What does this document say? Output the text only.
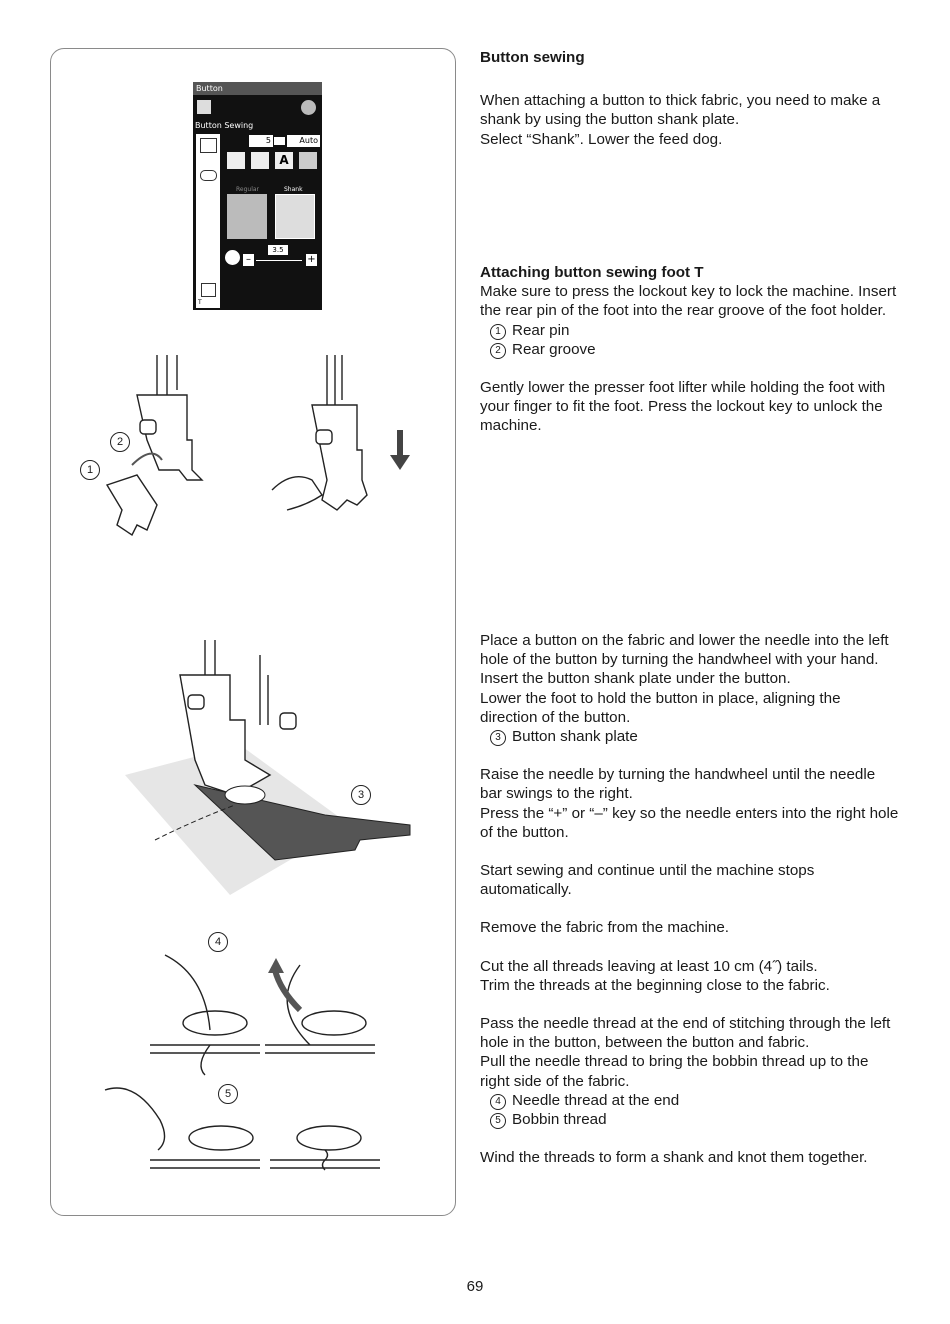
Button
Button Sewing
5	Auto
A
Regular	Shank
–
3.5
+
T
1
2
3
4
5

Button sewing

When attaching a button to thick fabric, you need to make a shank by using the button shank plate.

Select “Shank”. Lower the feed dog.

Attaching button sewing foot T

Make sure to press the lockout key to lock the machine. Insert the rear pin of the foot into the rear groove of the foot holder.

1 Rear pin

2 Rear groove

Gently lower the presser foot lifter while holding the foot with your finger to fit the foot. Press the lockout key to unlock the machine.

Place a button on the fabric and lower the needle into the left hole of the button by turning the handwheel with your hand.

Insert the button shank plate under the button.

Lower the foot to hold the button in place, aligning the direction of the button.

3 Button shank plate

Raise the needle by turning the handwheel until the needle bar swings to the right.

Press the “+” or “–” key so the needle enters into the right hole of the button.

Start sewing and continue until the machine stops automatically.

Remove the fabric from the machine.

Cut the all threads leaving at least 10 cm (4˝) tails.

Trim the threads at the beginning close to the fabric.

Pass the needle thread at the end of stitching through the left hole in the button, between the button and fabric.

Pull the needle thread to bring the bobbin thread up to the right side of the fabric.

4 Needle thread at the end

5 Bobbin thread

Wind the threads to form a shank and knot them together.

69
